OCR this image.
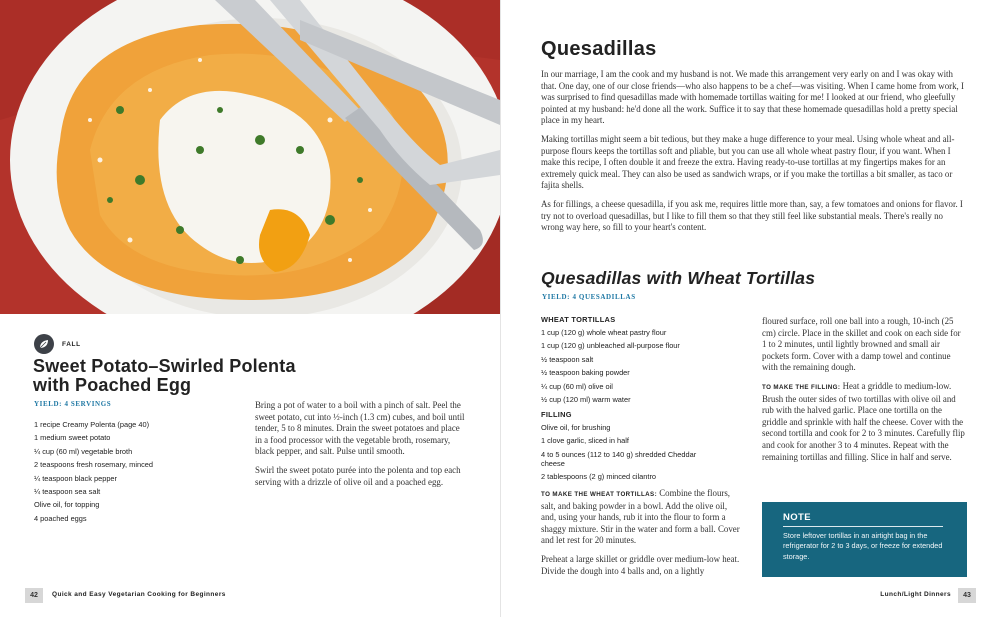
FALL
Sweet Potato–Swirled Polenta with Poached Egg
YIELD: 4 SERVINGS
1 recipe Creamy Polenta (page 40)
1 medium sweet potato
¼ cup (60 ml) vegetable broth
2 teaspoons fresh rosemary, minced
¼ teaspoon black pepper
¼ teaspoon sea salt
Olive oil, for topping
4 poached eggs

Bring a pot of water to a boil with a pinch of salt. Peel the sweet potato, cut into ½-inch (1.3 cm) cubes, and boil until tender, 5 to 8 minutes. Drain the sweet potatoes and place in a food processor with the vegetable broth, rosemary, black pepper, and salt. Pulse until smooth.

Swirl the sweet potato purée into the polenta and top each serving with a drizzle of olive oil and a poached egg.

42	Quick and Easy Vegetarian Cooking for Beginners
Quesadillas

In our marriage, I am the cook and my husband is not. We made this arrangement very early on and I was okay with that. One day, one of our close friends—who also happens to be a chef—was visiting. When I came home from work, I was surprised to find quesadillas made with homemade tortillas waiting for me! I looked at our friend, who gleefully pointed at my husband: he'd done all the work. Suffice it to say that these homemade quesadillas hold a pretty special place in my heart.

Making tortillas might seem a bit tedious, but they make a huge difference to your meal. Using whole wheat and all-purpose flours keeps the tortillas soft and pliable, but you can use all whole wheat pastry flour, if you want. When I make this recipe, I often double it and freeze the extra. Having ready-to-use tortillas at my fingertips makes for an extremely quick meal. They can also be used as sandwich wraps, or if you make the tortillas a bit smaller, as taco or fajita shells.

As for fillings, a cheese quesadilla, if you ask me, requires little more than, say, a few tomatoes and onions for flavor. I try not to overload quesadillas, but I like to fill them so that they still feel like substantial meals. There's really no wrong way here, so fill to your heart's content.

Quesadillas with Wheat Tortillas
YIELD: 4 QUESADILLAS
WHEAT TORTILLAS
1 cup (120 g) whole wheat pastry flour
1 cup (120 g) unbleached all-purpose flour
½ teaspoon salt
½ teaspoon baking powder
¼ cup (60 ml) olive oil
½ cup (120 ml) warm water
FILLING
Olive oil, for brushing
1 clove garlic, sliced in half
4 to 5 ounces (112 to 140 g) shredded Cheddar cheese
2 tablespoons (2 g) minced cilantro

TO MAKE THE WHEAT TORTILLAS: Combine the flours, salt, and baking powder in a bowl. Add the olive oil, and, using your hands, rub it into the flour to form a shaggy mixture. Stir in the water and form a ball. Cover and let rest for 20 minutes.

Preheat a large skillet or griddle over medium-low heat. Divide the dough into 4 balls and, on a lightly

floured surface, roll one ball into a rough, 10-inch (25 cm) circle. Place in the skillet and cook on each side for 1 to 2 minutes, until lightly browned and small air pockets form. Cover with a damp towel and continue with the remaining dough.

TO MAKE THE FILLING: Heat a griddle to medium-low. Brush the outer sides of two tortillas with olive oil and rub with the halved garlic. Place one tortilla on the griddle and sprinkle with half the cheese. Cover with the second tortilla and cook for 2 to 3 minutes. Carefully flip and cook for another 3 to 4 minutes. Repeat with the remaining tortillas and filling. Slice in half and serve.

NOTE
Store leftover tortillas in an airtight bag in the refrigerator for 2 to 3 days, or freeze for extended storage.
Lunch/Light Dinners	43
